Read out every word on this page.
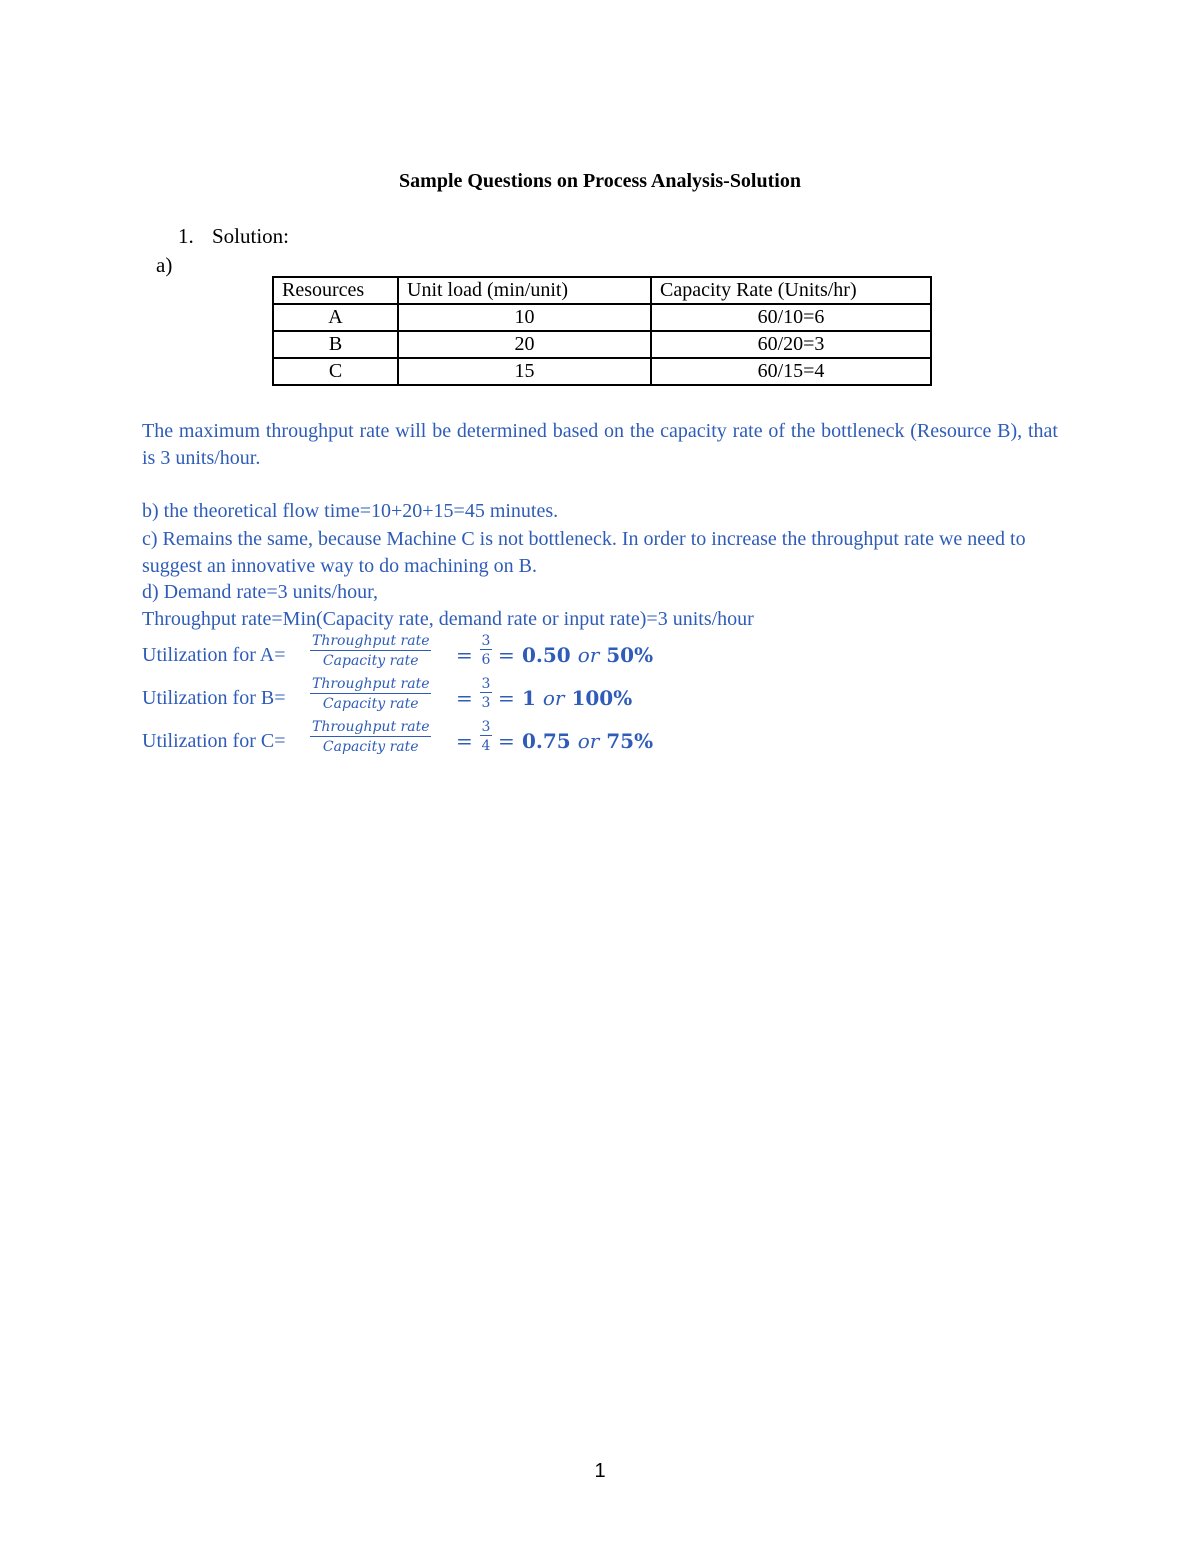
Sample Questions on Process Analysis-Solution
1. Solution:
a)
Resources	Unit load (min/unit)	Capacity Rate (Units/hr)
A	10	60/10=6
B	20	60/20=3
C	15	60/15=4
The maximum throughput rate will be determined based on the capacity rate of the bottleneck (Resource B), that is 3 units/hour.
b) the theoretical flow time=10+20+15=45 minutes.
c) Remains the same, because Machine C is not bottleneck. In order to increase the throughput rate we need to suggest an innovative way to do machining on B.
d) Demand rate=3 units/hour,
Throughput rate=Min(Capacity rate, demand rate or input rate)=3 units/hour
Utilization for A=
Throughput rate
Capacity rate	= $\frac{3}{6} = 0.50$ or 50%
Utilization for B=
Throughput rate
Capacity rate	= $\frac{3}{3} = 1$ or 100%
Utilization for C=
Throughput rate
Capacity rate	= $\frac{3}{4} = 0.75$ or 75%
1
